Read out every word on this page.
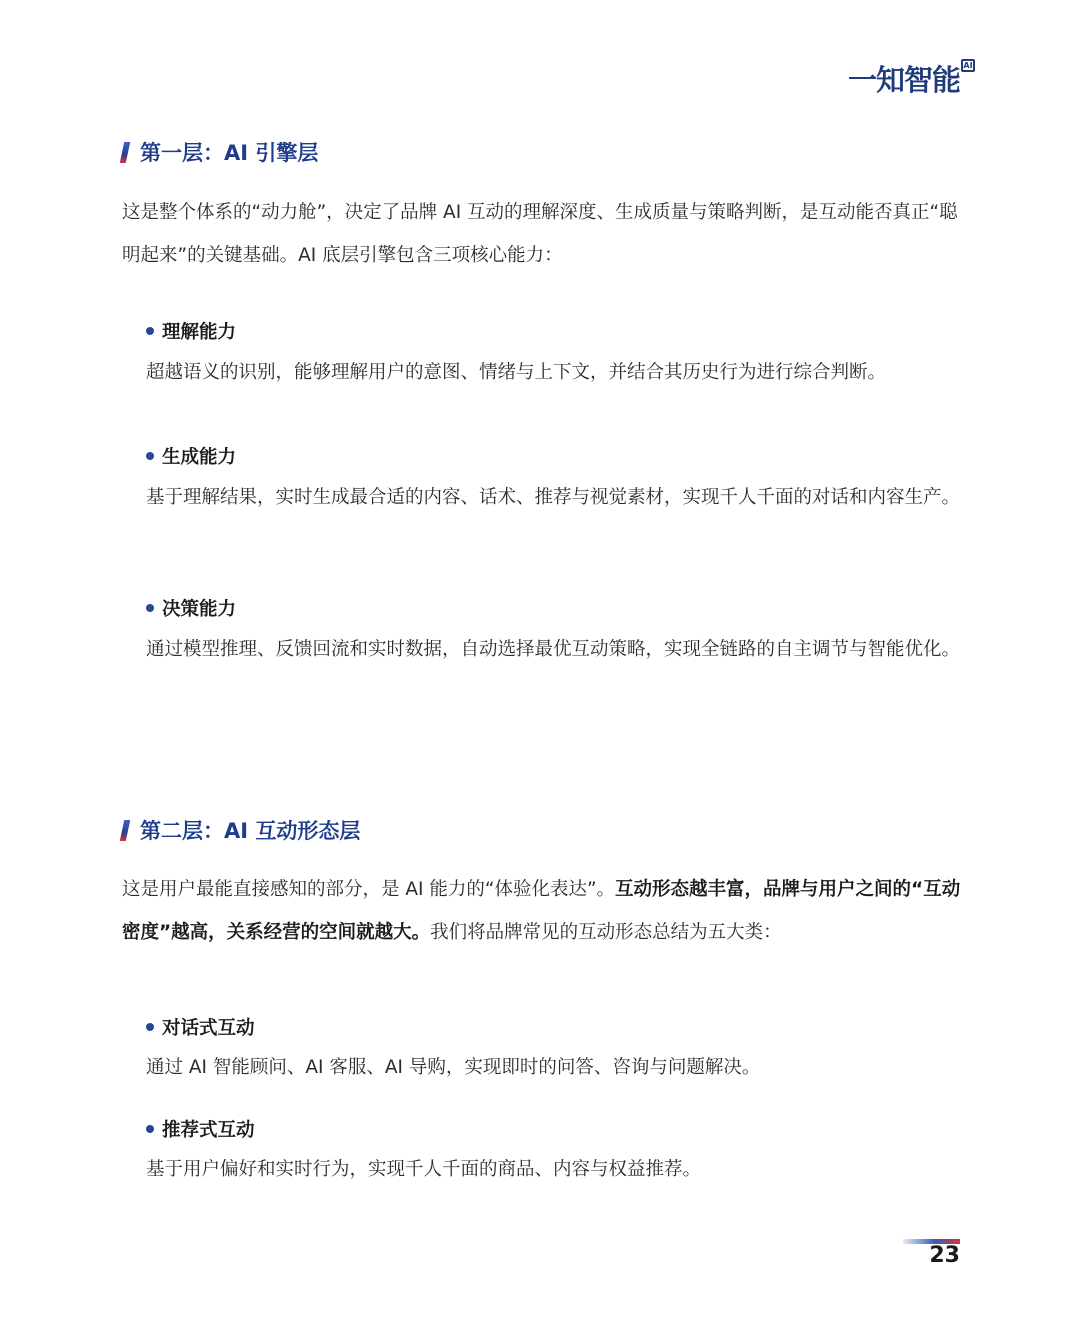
一知智能 AI
第一层：AI 引擎层
这是整个体系的“动力舱”，决定了品牌 AI 互动的理解深度、生成质量与策略判断，是互动能否真正“聪明起来”的关键基础。AI 底层引擎包含三项核心能力：
理解能力
超越语义的识别，能够理解用户的意图、情绪与上下文，并结合其历史行为进行综合判断。
生成能力
基于理解结果，实时生成最合适的内容、话术、推荐与视觉素材，实现千人千面的对话和内容生产。
决策能力
通过模型推理、反馈回流和实时数据，自动选择最优互动策略，实现全链路的自主调节与智能优化。
第二层：AI 互动形态层
这是用户最能直接感知的部分，是 AI 能力的“体验化表达”。互动形态越丰富，品牌与用户之间的“互动密度”越高，关系经营的空间就越大。我们将品牌常见的互动形态总结为五大类：
对话式互动
通过 AI 智能顾问、AI 客服、AI 导购，实现即时的问答、咨询与问题解决。
推荐式互动
基于用户偏好和实时行为，实现千人千面的商品、内容与权益推荐。
23
